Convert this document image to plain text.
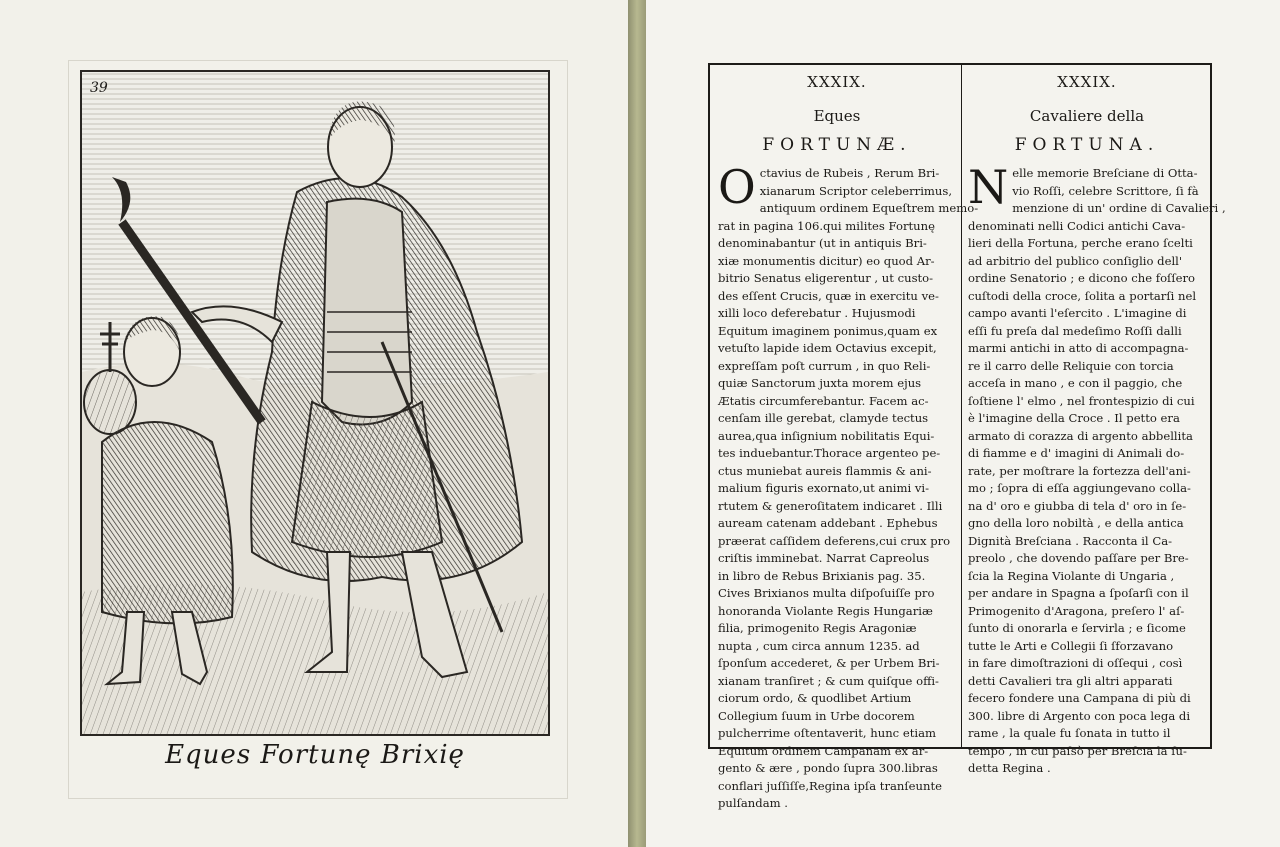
39
Eques Fortunę Brixię
XXXIX.
Eques
FORTUNÆ.
O ctavius de Rubeis , Rerum Bri-
xianarum Scriptor celeberrimus,
antiquum ordinem Equeſtrem memo-
rat in pagina 106.qui milites Fortunę
denominabantur (ut in antiquis Bri-
xiæ monumentis dicitur) eo quod Ar-
bitrio Senatus eligerentur , ut custo-
des eſſent Crucis, quæ in exercitu ve-
xilli loco deferebatur . Hujusmodi
Equitum imaginem ponimus,quam ex
vetuſto lapide idem Octavius excepit,
expreſſam poſt currum , in quo Reli-
quiæ Sanctorum juxta morem ejus
Ætatis circumferebantur. Facem ac-
cenſam ille gerebat, clamyde tectus
aurea,qua inſignium nobilitatis Equi-
tes induebantur.Thorace argenteo pe-
ctus muniebat aureis flammis & ani-
malium figuris exornato,ut animi vi-
rtutem & generoſitatem indicaret . Illi
auream catenam addebant . Ephebus
præerat caſſidem deferens,cui crux pro
criſtis imminebat. Narrat Capreolus
in libro de Rebus Brixianis pag. 35.
Cives Brixianos multa diſpoſuiſſe pro
honoranda Violante Regis Hungariæ
filia, primogenito Regis Aragoniæ
nupta , cum circa annum 1235. ad
ſponſum accederet, & per Urbem Bri-
xianam tranſiret ; & cum quiſque offi-
ciorum ordo, & quodlibet Artium
Collegium ſuum in Urbe docorem
pulcherrime oſtentaverit, hunc etiam
Equitum ordinem Campanam ex ar-
gento & ære , pondo ſupra 300.libras
conflari juſſiſſe,Regina ipſa tranſeunte
pulſandam .
XXXIX.
Cavaliere della
FORTUNA.
N elle memorie Breſciane di Otta-
vio Roſſi, celebre Scrittore, ſi fà
menzione di un' ordine di Cavalieri ,
denominati nelli Codici antichi Cava-
lieri della Fortuna, perche erano ſcelti
ad arbitrio del publico conſiglio dell'
ordine Senatorio ; e dicono che foſſero
cuſtodi della croce, ſolita a portarſi nel
campo avanti l'eſercito . L'imagine di
eſſi fu preſa dal medeſimo Roſſi dalli
marmi antichi in atto di accompagna-
re il carro delle Reliquie con torcia
acceſa in mano , e con il paggio, che
ſoſtiene l' elmo , nel frontespizio di cui
è l'imagine della Croce . Il petto era
armato di corazza di argento abbellita
di fiamme e d' imagini di Animali do-
rate, per moſtrare la fortezza dell'ani-
mo ; ſopra di eſſa aggiungevano colla-
na d' oro e giubba di tela d' oro in ſe-
gno della loro nobiltà , e della antica
Dignità Breſciana . Racconta il Ca-
preolo , che dovendo paſſare per Bre-
ſcia la Regina Violante di Ungaria ,
per andare in Spagna a ſpoſarſi con il
Primogenito d'Aragona, preſero l' aſ-
ſunto di onorarla e ſervirla ; e ſicome
tutte le Arti e Collegii ſi ſforzavano
in fare dimoſtrazioni di oſſequi , così
detti Cavalieri tra gli altri apparati
fecero fondere una Campana di più di
300. libre di Argento con poca lega di
rame , la quale fu ſonata in tutto il
tempo , in cui paſsò per Breſcia la ſu-
detta Regina .
